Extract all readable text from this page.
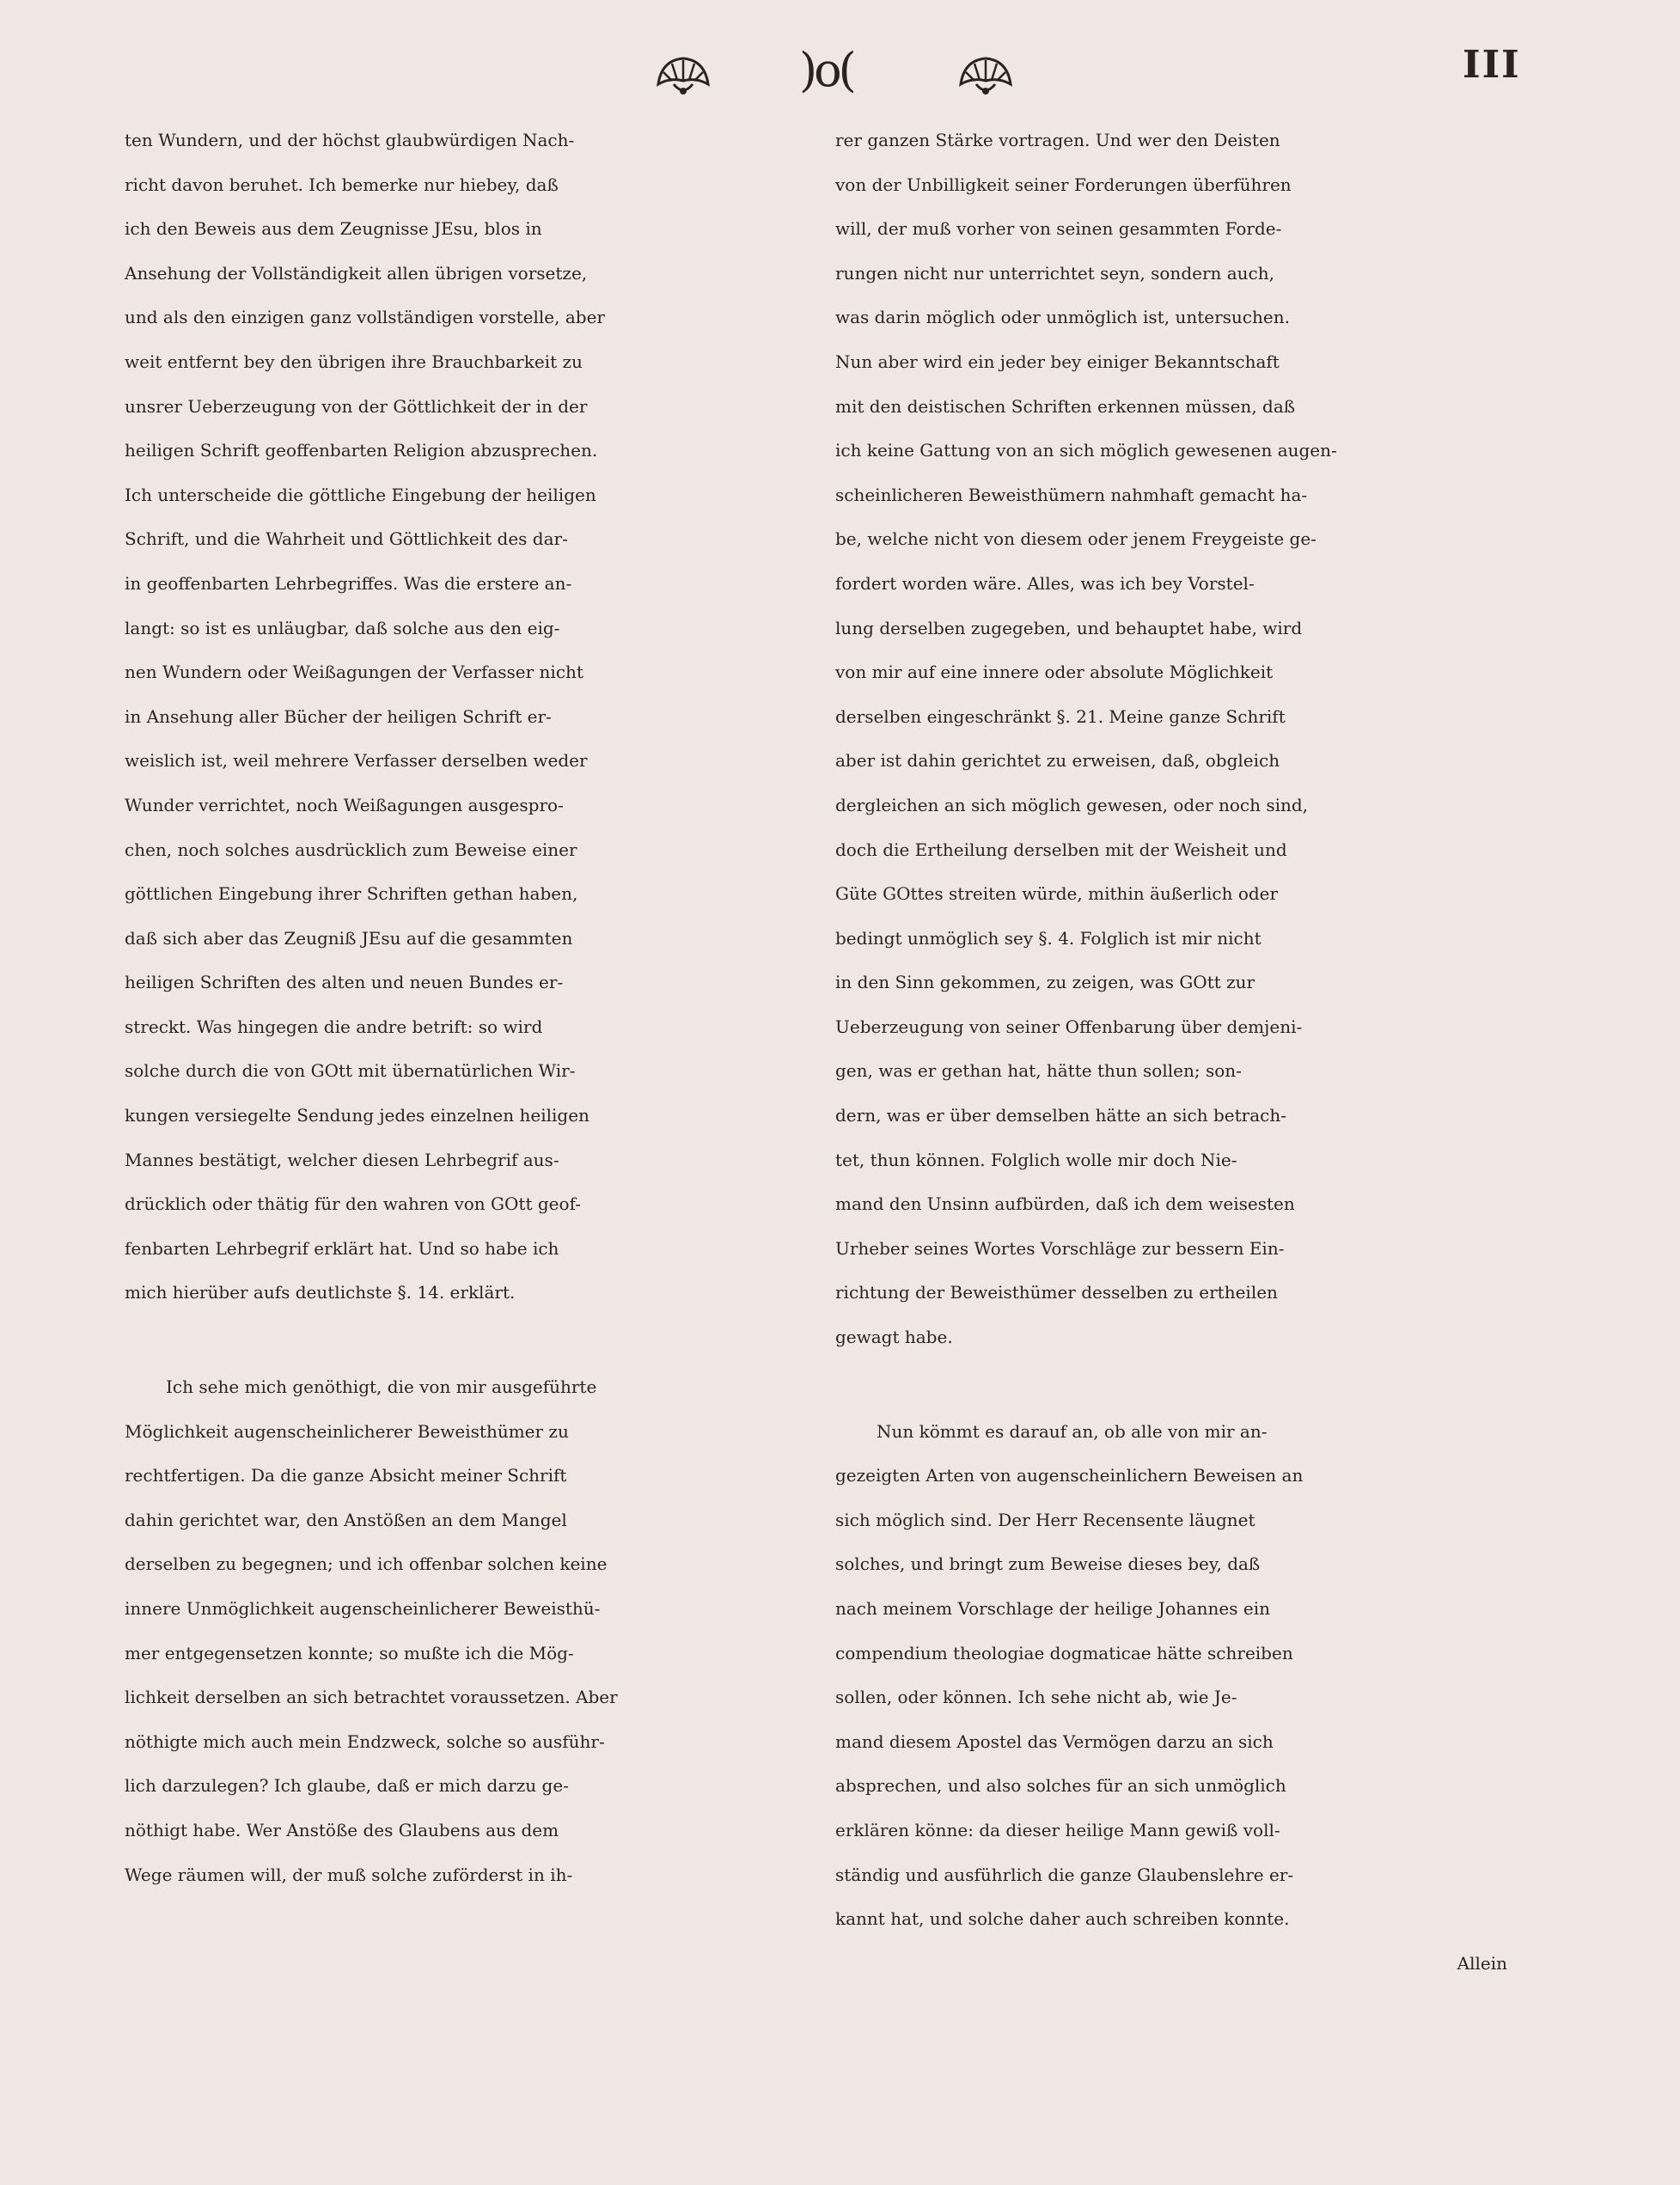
)o(	III
ten Wundern, und der höchst glaubwürdigen Nach-
richt davon beruhet. Ich bemerke nur hiebey, daß
ich den Beweis aus dem Zeugnisse JEsu, blos in
Ansehung der Vollständigkeit allen übrigen vorsetze,
und als den einzigen ganz vollständigen vorstelle, aber
weit entfernt bey den übrigen ihre Brauchbarkeit zu
unsrer Ueberzeugung von der Göttlichkeit der in der
heiligen Schrift geoffenbarten Religion abzusprechen.
Ich unterscheide die göttliche Eingebung der heiligen
Schrift, und die Wahrheit und Göttlichkeit des dar-
in geoffenbarten Lehrbegriffes. Was die erstere an-
langt: so ist es unläugbar, daß solche aus den eig-
nen Wundern oder Weißagungen der Verfasser nicht
in Ansehung aller Bücher der heiligen Schrift er-
weislich ist, weil mehrere Verfasser derselben weder
Wunder verrichtet, noch Weißagungen ausgespro-
chen, noch solches ausdrücklich zum Beweise einer
göttlichen Eingebung ihrer Schriften gethan haben,
daß sich aber das Zeugniß JEsu auf die gesammten
heiligen Schriften des alten und neuen Bundes er-
streckt. Was hingegen die andre betrift: so wird
solche durch die von GOtt mit übernatürlichen Wir-
kungen versiegelte Sendung jedes einzelnen heiligen
Mannes bestätigt, welcher diesen Lehrbegrif aus-
drücklich oder thätig für den wahren von GOtt geof-
fenbarten Lehrbegrif erklärt hat. Und so habe ich
mich hierüber aufs deutlichste §. 14. erklärt.
Ich sehe mich genöthigt, die von mir ausgeführte
Möglichkeit augenscheinlicherer Beweisthümer zu
rechtfertigen. Da die ganze Absicht meiner Schrift
dahin gerichtet war, den Anstößen an dem Mangel
derselben zu begegnen; und ich offenbar solchen keine
innere Unmöglichkeit augenscheinlicherer Beweisthü-
mer entgegensetzen konnte; so mußte ich die Mög-
lichkeit derselben an sich betrachtet voraussetzen. Aber
nöthigte mich auch mein Endzweck, solche so ausführ-
lich darzulegen? Ich glaube, daß er mich darzu ge-
nöthigt habe. Wer Anstöße des Glaubens aus dem
Wege räumen will, der muß solche zuförderst in ih-
rer ganzen Stärke vortragen. Und wer den Deisten
von der Unbilligkeit seiner Forderungen überführen
will, der muß vorher von seinen gesammten Forde-
rungen nicht nur unterrichtet seyn, sondern auch,
was darin möglich oder unmöglich ist, untersuchen.
Nun aber wird ein jeder bey einiger Bekanntschaft
mit den deistischen Schriften erkennen müssen, daß
ich keine Gattung von an sich möglich gewesenen augen-
scheinlicheren Beweisthümern nahmhaft gemacht ha-
be, welche nicht von diesem oder jenem Freygeiste ge-
fordert worden wäre. Alles, was ich bey Vorstel-
lung derselben zugegeben, und behauptet habe, wird
von mir auf eine innere oder absolute Möglichkeit
derselben eingeschränkt §. 21. Meine ganze Schrift
aber ist dahin gerichtet zu erweisen, daß, obgleich
dergleichen an sich möglich gewesen, oder noch sind,
doch die Ertheilung derselben mit der Weisheit und
Güte GOttes streiten würde, mithin äußerlich oder
bedingt unmöglich sey §. 4. Folglich ist mir nicht
in den Sinn gekommen, zu zeigen, was GOtt zur
Ueberzeugung von seiner Offenbarung über demjeni-
gen, was er gethan hat, hätte thun sollen; son-
dern, was er über demselben hätte an sich betrach-
tet, thun können. Folglich wolle mir doch Nie-
mand den Unsinn aufbürden, daß ich dem weisesten
Urheber seines Wortes Vorschläge zur bessern Ein-
richtung der Beweisthümer desselben zu ertheilen
gewagt habe.
Nun kömmt es darauf an, ob alle von mir an-
gezeigten Arten von augenscheinlichern Beweisen an
sich möglich sind. Der Herr Recensente läugnet
solches, und bringt zum Beweise dieses bey, daß
nach meinem Vorschlage der heilige Johannes ein
compendium theologiae dogmaticae hätte schreiben
sollen, oder können. Ich sehe nicht ab, wie Je-
mand diesem Apostel das Vermögen darzu an sich
absprechen, und also solches für an sich unmöglich
erklären könne: da dieser heilige Mann gewiß voll-
ständig und ausführlich die ganze Glaubenslehre er-
kannt hat, und solche daher auch schreiben konnte.
Allein
